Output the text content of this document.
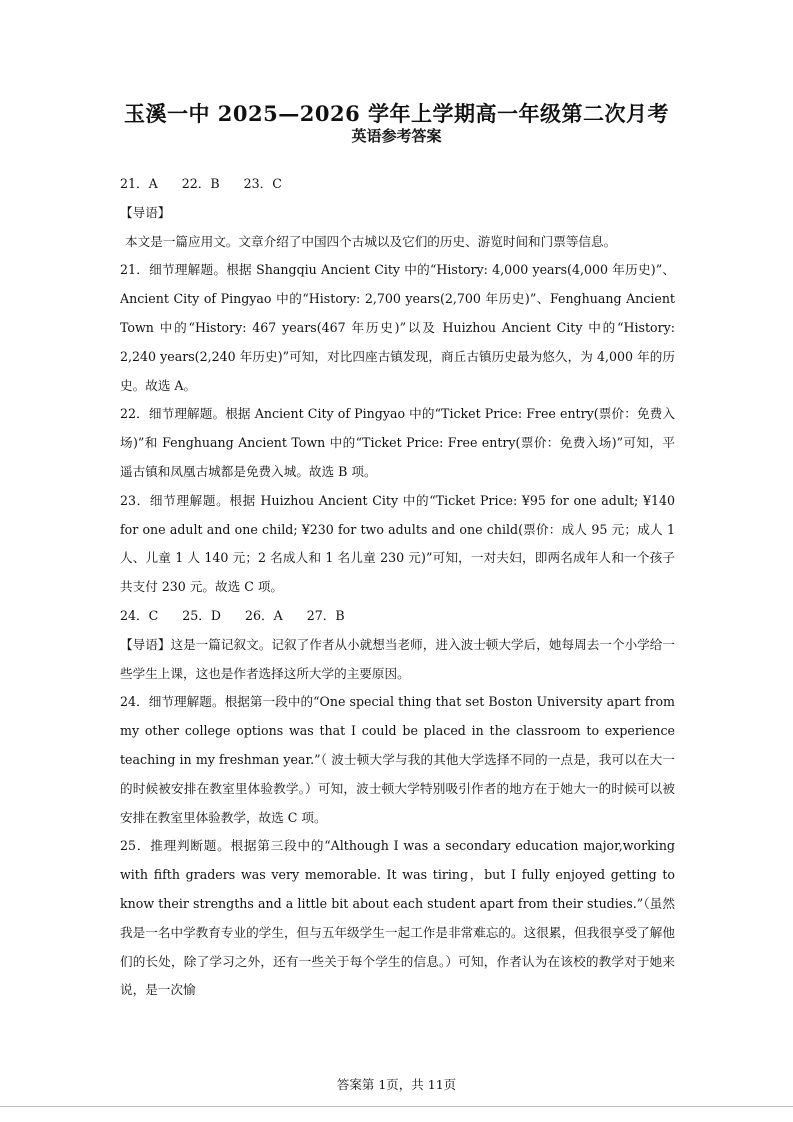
玉溪一中 2025—2026 学年上学期高一年级第二次月考
英语参考答案
21．A 22．B 23．C

【导语】

本文是一篇应用文。文章介绍了中国四个古城以及它们的历史、游览时间和门票等信息。

21．细节理解题。根据 Shangqiu Ancient City 中的“History: 4,000 years(4,000 年历史)”、Ancient City of Pingyao 中的“History: 2,700 years(2,700 年历史)”、Fenghuang Ancient Town 中的“History: 467 years(467 年历史)”以及 Huizhou Ancient City 中的“History: 2,240 years(2,240 年历史)”可知，对比四座古镇发现，商丘古镇历史最为悠久，为 4,000 年的历史。故选 A。

22．细节理解题。根据 Ancient City of Pingyao 中的“Ticket Price: Free entry(票价：免费入场)”和 Fenghuang Ancient Town 中的“Ticket Price: Free entry(票价：免费入场)”可知，平遥古镇和凤凰古城都是免费入城。故选 B 项。

23．细节理解题。根据 Huizhou Ancient City 中的“Ticket Price: ¥95 for one adult; ¥140 for one adult and one child; ¥230 for two adults and one child(票价：成人 95 元；成人 1 人、儿童 1 人 140 元；2 名成人和 1 名儿童 230 元)”可知，一对夫妇，即两名成年人和一个孩子共支付 230 元。故选 C 项。

24．C 25．D 26．A 27．B

【导语】这是一篇记叙文。记叙了作者从小就想当老师，进入波士顿大学后，她每周去一个小学给一些学生上课，这也是作者选择这所大学的主要原因。

24．细节理解题。根据第一段中的“One special thing that set Boston University apart from my other college options was that I could be placed in the classroom to experience teaching in my freshman year.”（ 波士顿大学与我的其他大学选择不同的一点是，我可以在大一的时候被安排在教室里体验教学。）可知，波士顿大学特别吸引作者的地方在于她大一的时候可以被安排在教室里体验教学，故选 C 项。

25．推理判断题。根据第三段中的“Although I was a secondary education major,working with fifth graders was very memorable. It was tiring，but I fully enjoyed getting to know their strengths and a little bit about each student apart from their studies.”（虽然我是一名中学教育专业的学生，但与五年级学生一起工作是非常难忘的。这很累，但我很享受了解他们的长处，除了学习之外，还有一些关于每个学生的信息。）可知，作者认为在该校的教学对于她来说，是一次愉

答案第 1页，共 11页
